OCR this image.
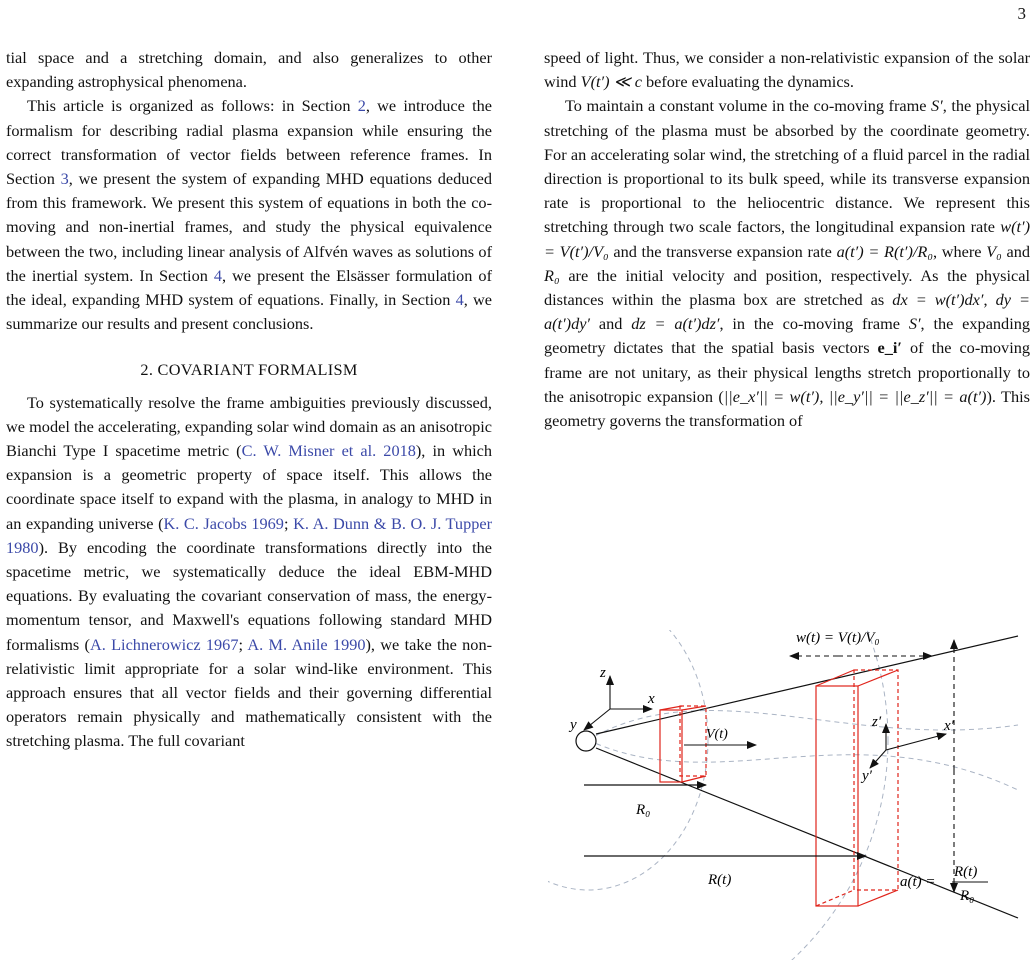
3

tial space and a stretching domain, and also generalizes to other expanding astrophysical phenomena.

This article is organized as follows: in Section 2, we introduce the formalism for describing radial plasma expansion while ensuring the correct transformation of vector fields between reference frames. In Section 3, we present the system of expanding MHD equations deduced from this framework. We present this system of equations in both the co-moving and non-inertial frames, and study the physical equivalence between the two, including linear analysis of Alfvén waves as solutions of the inertial system. In Section 4, we present the Elsässer formulation of the ideal, expanding MHD system of equations. Finally, in Section 4, we summarize our results and present conclusions.

2. COVARIANT FORMALISM

To systematically resolve the frame ambiguities previously discussed, we model the accelerating, expanding solar wind domain as an anisotropic Bianchi Type I spacetime metric (C. W. Misner et al. 2018), in which expansion is a geometric property of space itself. This allows the coordinate space itself to expand with the plasma, in analogy to MHD in an expanding universe (K. C. Jacobs 1969; K. A. Dunn & B. O. J. Tupper 1980). By encoding the coordinate transformations directly into the spacetime metric, we systematically deduce the ideal EBM-MHD equations. By evaluating the covariant conservation of mass, the energy-momentum tensor, and Maxwell's equations following standard MHD formalisms (A. Lichnerowicz 1967; A. M. Anile 1990), we take the non-relativistic limit appropriate for a solar wind-like environment. This approach ensures that all vector fields and their governing differential operators remain physically and mathematically consistent with the stretching plasma. The full covariant

speed of light. Thus, we consider a non-relativistic expansion of the solar wind V(t′) ≪ c before evaluating the dynamics.

To maintain a constant volume in the co-moving frame S′, the physical stretching of the plasma must be absorbed by the coordinate geometry. For an accelerating solar wind, the stretching of a fluid parcel in the radial direction is proportional to its bulk speed, while its transverse expansion rate is proportional to the heliocentric distance. We represent this stretching through two scale factors, the longitudinal expansion rate w(t′) = V(t′)/V₀ and the transverse expansion rate a(t′) = R(t′)/R₀, where V₀ and R₀ are the initial velocity and position, respectively. As the physical distances within the plasma box are stretched as dx = w(t′)dx′, dy = a(t′)dy′ and dz = a(t′)dz′, in the co-moving frame S′, the expanding geometry dictates that the spatial basis vectors e_i′ of the co-moving frame are not unitary, as their physical lengths stretch proportionally to the anisotropic expansion (||e_x′|| = w(t′), ||e_y′|| = ||e_z′|| = a(t′)). This geometry governs the transformation of

z
x
y
V(t)
z′	x′
y′
w(t) = V(t)/V₀
R₀
R(t)	a(t) =
R(t)
R₀
